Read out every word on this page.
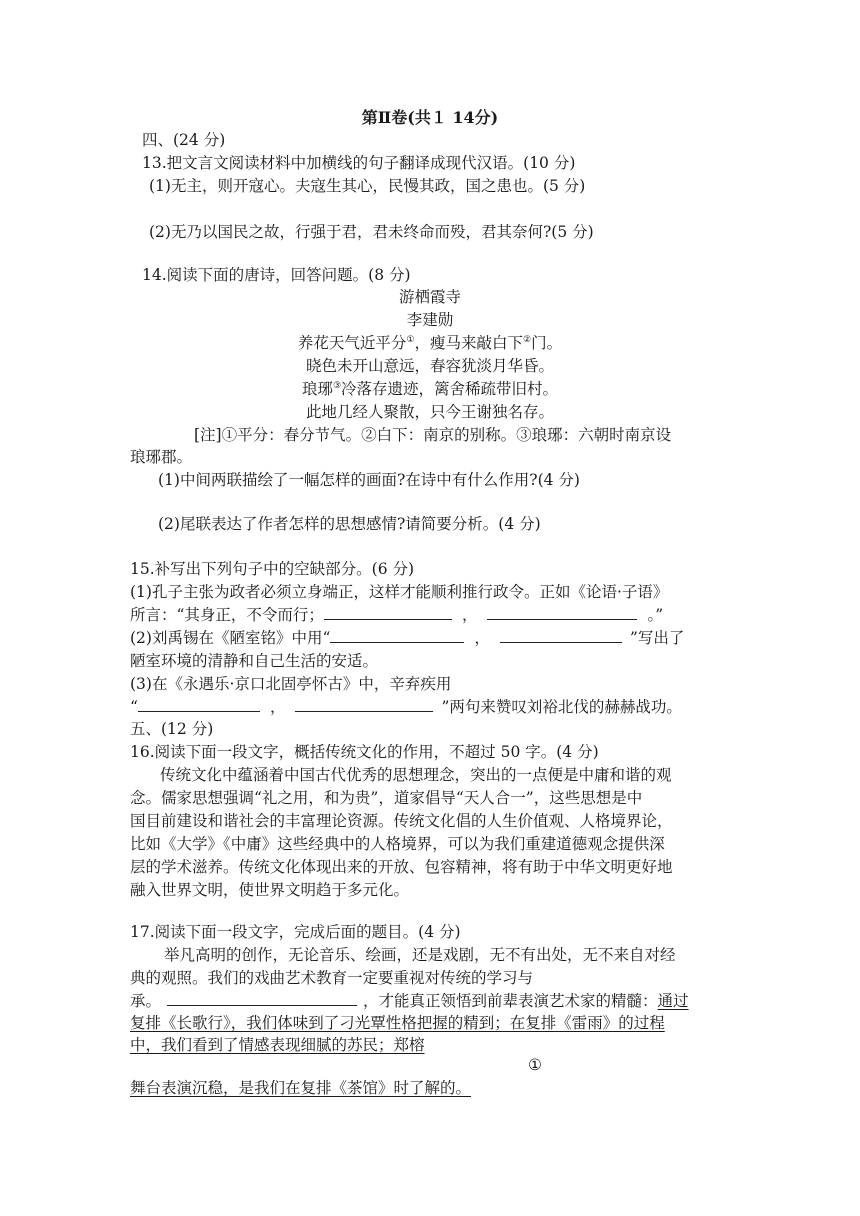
第Ⅱ卷(共１ 14分)
四、(24 分)
13.把文言文阅读材料中加横线的句子翻译成现代汉语。(10 分)
(1)无主，则开寇心。夫寇生其心，民慢其政，国之患也。(5 分)
(2)无乃以国民之故，行强于君，君未终命而殁，君其奈何?(5 分)
14.阅读下面的唐诗，回答问题。(8 分)
游栖霞寺
李建勋
养花天气近平分①，瘦马来敲白下②门。
晓色未开山意远，春容犹淡月华昏。
琅琊③冷落存遗迹，篱舍稀疏带旧村。
此地几经人聚散，只今王谢独名存。
[注]①平分：春分节气。②白下：南京的别称。③琅琊：六朝时南京设
琅琊郡。
(1)中间两联描绘了一幅怎样的画面?在诗中有什么作用?(4 分)
(2)尾联表达了作者怎样的思想感情?请简要分析。(4 分)
15.补写出下列句子中的空缺部分。(6 分)
(1)孔子主张为政者必须立身端正，这样才能顺利推行政令。正如《论语·子语》
所言：“其身正，不令而行；	，	。”
(2)刘禹锡在《陋室铭》中用“	，	”写出了
陋室环境的清静和自己生活的安适。
(3)在《永遇乐·京口北固亭怀古》中，辛弃疾用
“	，	”两句来赞叹刘裕北伐的赫赫战功。
五、(12 分)
16.阅读下面一段文字，概括传统文化的作用，不超过 50 字。(4 分)
传统文化中蕴涵着中国古代优秀的思想理念，突出的一点便是中庸和谐的观
念。儒家思想强调“礼之用，和为贵”，道家倡导“天人合一”，这些思想是中
国目前建设和谐社会的丰富理论资源。传统文化倡的人生价值观、人格境界论，
比如《大学》《中庸》这些经典中的人格境界，可以为我们重建道德观念提供深
层的学术滋养。传统文化体现出来的开放、包容精神，将有助于中华文明更好地
融入世界文明，使世界文明趋于多元化。
17.阅读下面一段文字，完成后面的题目。(4 分)
举凡高明的创作，无论音乐、绘画，还是戏剧，无不有出处，无不来自对经
典的观照。我们的戏曲艺术教育一定要重视对传统的学习与
承。	，才能真正领悟到前辈表演艺术家的精髓：通过
复排《长歌行》，我们体味到了刁光覃性格把握的精到；在复排《雷雨》的过程
中，我们看到了情感表现细腻的苏民；郑榕
①
舞台表演沉稳，是我们在复排《茶馆》时了解的。
